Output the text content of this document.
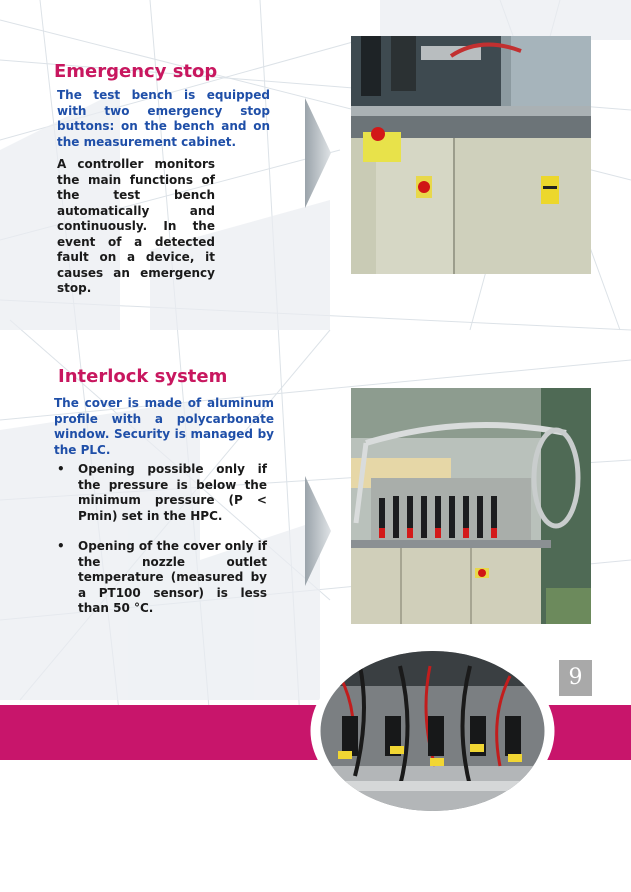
Emergency stop

The test bench is equipped with two emergency stop buttons: on the bench and on the measurement cabinet.

A controller monitors the main functions of the test bench automatically and continuously. In the event of a detected fault on a device, it causes an emergency stop.

Interlock system

The cover is made of aluminum profile with a polycarbonate window. Security is managed by the PLC.

• Opening possible only if the pressure is below the minimum pressure (P < Pmin) set in the HPC.
• Opening of the cover only if the nozzle outlet temperature (measured by a PT100 sensor) is less than 50 °C.
9
